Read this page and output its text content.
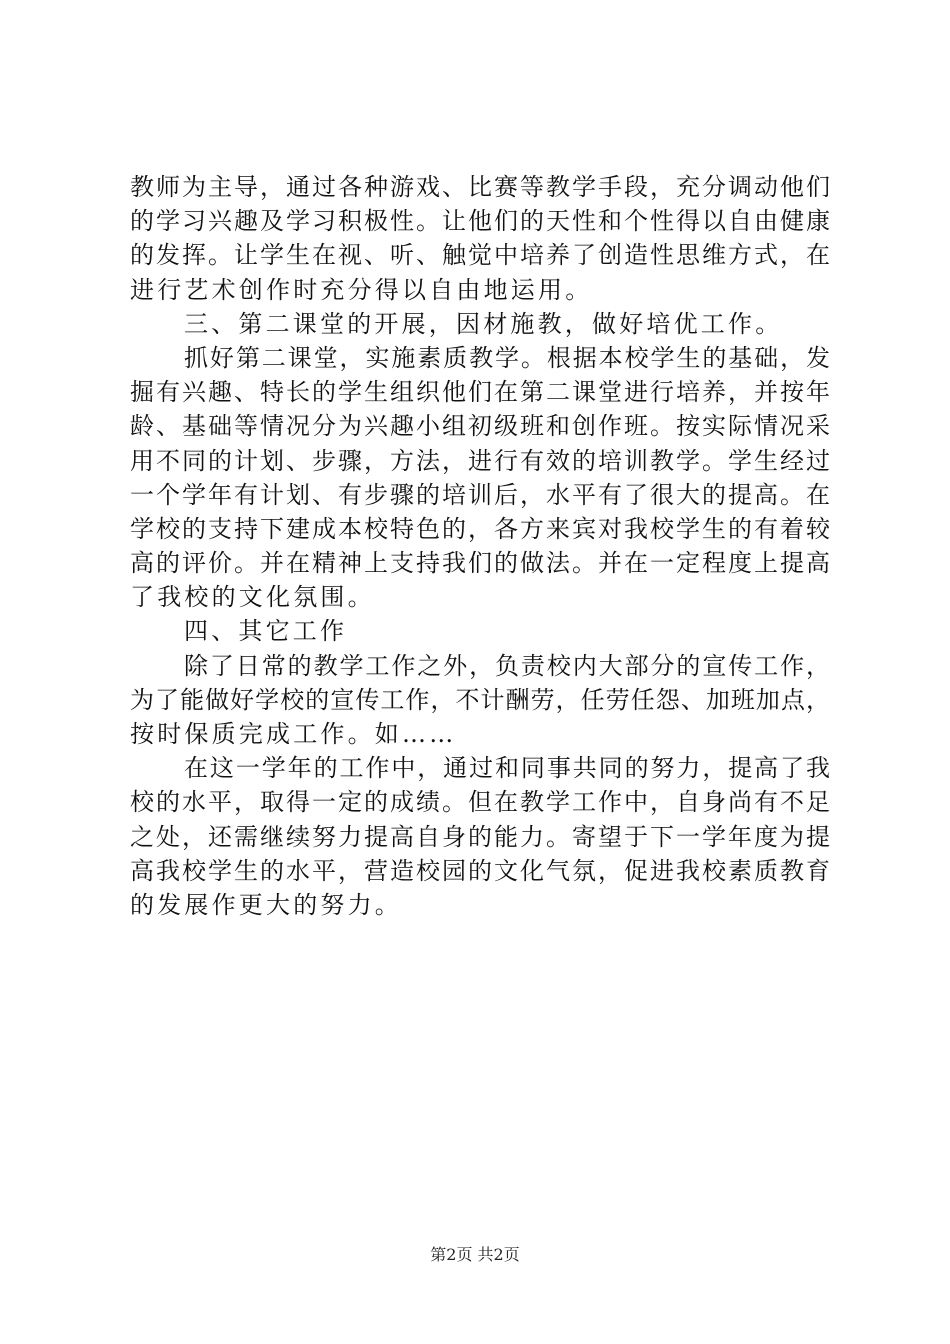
教师为主导，通过各种游戏、比赛等教学手段，充分调动他们
的学习兴趣及学习积极性。让他们的天性和个性得以自由健康
的发挥。让学生在视、听、触觉中培养了创造性思维方式，在
进行艺术创作时充分得以自由地运用。
三、第二课堂的开展，因材施教，做好培优工作。
抓好第二课堂，实施素质教学。根据本校学生的基础，发
掘有兴趣、特长的学生组织他们在第二课堂进行培养，并按年
龄、基础等情况分为兴趣小组初级班和创作班。按实际情况采
用不同的计划、步骤，方法，进行有效的培训教学。学生经过
一个学年有计划、有步骤的培训后，水平有了很大的提高。在
学校的支持下建成本校特色的，各方来宾对我校学生的有着较
高的评价。并在精神上支持我们的做法。并在一定程度上提高
了我校的文化氛围。
四、其它工作
除了日常的教学工作之外，负责校内大部分的宣传工作，
为了能做好学校的宣传工作，不计酬劳，任劳任怨、加班加点，
按时保质完成工作。如……
在这一学年的工作中，通过和同事共同的努力，提高了我
校的水平，取得一定的成绩。但在教学工作中，自身尚有不足
之处，还需继续努力提高自身的能力。寄望于下一学年度为提
高我校学生的水平，营造校园的文化气氛，促进我校素质教育
的发展作更大的努力。
第2页 共2页
